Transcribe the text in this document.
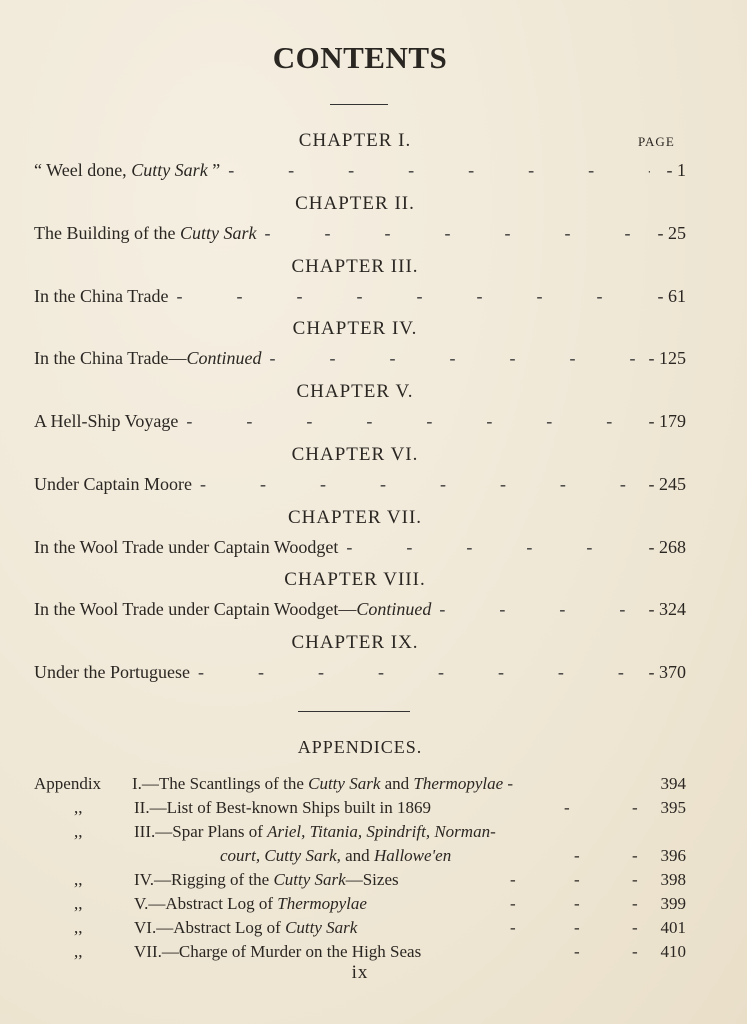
CONTENTS
PAGE
CHAPTER I.
“ Weel done, Cutty Sark ” -	- 1
CHAPTER II.
The Building of the Cutty Sark -	- 25
CHAPTER III.
In the China Trade -	- 61
CHAPTER IV.
In the China Trade—Continued -	- 125
CHAPTER V.
A Hell-Ship Voyage -	- 179
CHAPTER VI.
Under Captain Moore -	- 245
CHAPTER VII.
In the Wool Trade under Captain Woodget -	- 268
CHAPTER VIII.
In the Wool Trade under Captain Woodget—Continued -	- 324
CHAPTER IX.
Under the Portuguese -	- 370
APPENDICES.
Appendix I.—The Scantlings of the Cutty Sark and Thermopylae -	394
,,	II.—List of Best-known Ships built in 1869	-	- 395
,,	III.—Spar Plans of Ariel, Titania, Spindrift, Norman-
court, Cutty Sark, and Hallowe'en	-	- 396
,,	IV.—Rigging of the Cutty Sark—Sizes	-	-	- 398
,,	V.—Abstract Log of Thermopylae	-	-	- 399
,,	VI.—Abstract Log of Cutty Sark	-	-	- 401
,,	VII.—Charge of Murder on the High Seas	-	- 410
ix
